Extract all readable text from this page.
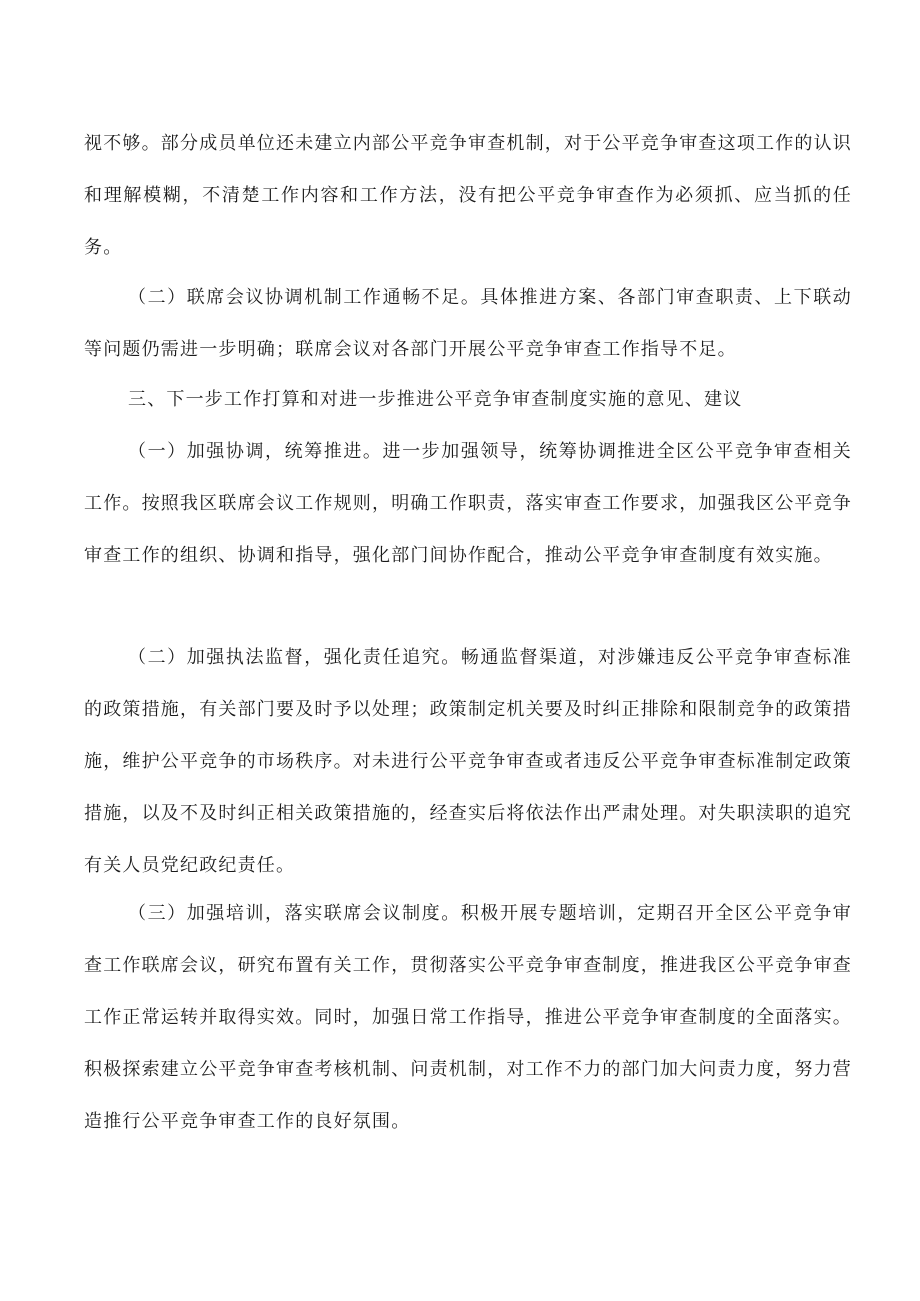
视不够。部分成员单位还未建立内部公平竞争审查机制，对于公平竞争审查这项工作的认识和理解模糊，不清楚工作内容和工作方法，没有把公平竞争审查作为必须抓、应当抓的任务。

（二）联席会议协调机制工作通畅不足。具体推进方案、各部门审查职责、上下联动等问题仍需进一步明确；联席会议对各部门开展公平竞争审查工作指导不足。

三、下一步工作打算和对进一步推进公平竞争审查制度实施的意见、建议

（一）加强协调，统筹推进。进一步加强领导，统筹协调推进全区公平竞争审查相关工作。按照我区联席会议工作规则，明确工作职责，落实审查工作要求，加强我区公平竞争审查工作的组织、协调和指导，强化部门间协作配合，推动公平竞争审查制度有效实施。

（二）加强执法监督，强化责任追究。畅通监督渠道，对涉嫌违反公平竞争审查标准的政策措施，有关部门要及时予以处理；政策制定机关要及时纠正排除和限制竞争的政策措施，维护公平竞争的市场秩序。对未进行公平竞争审查或者违反公平竞争审查标准制定政策措施，以及不及时纠正相关政策措施的，经查实后将依法作出严肃处理。对失职渎职的追究有关人员党纪政纪责任。

（三）加强培训，落实联席会议制度。积极开展专题培训，定期召开全区公平竞争审查工作联席会议，研究布置有关工作，贯彻落实公平竞争审查制度，推进我区公平竞争审查工作正常运转并取得实效。同时，加强日常工作指导，推进公平竞争审查制度的全面落实。积极探索建立公平竞争审查考核机制、问责机制，对工作不力的部门加大问责力度，努力营造推行公平竞争审查工作的良好氛围。
